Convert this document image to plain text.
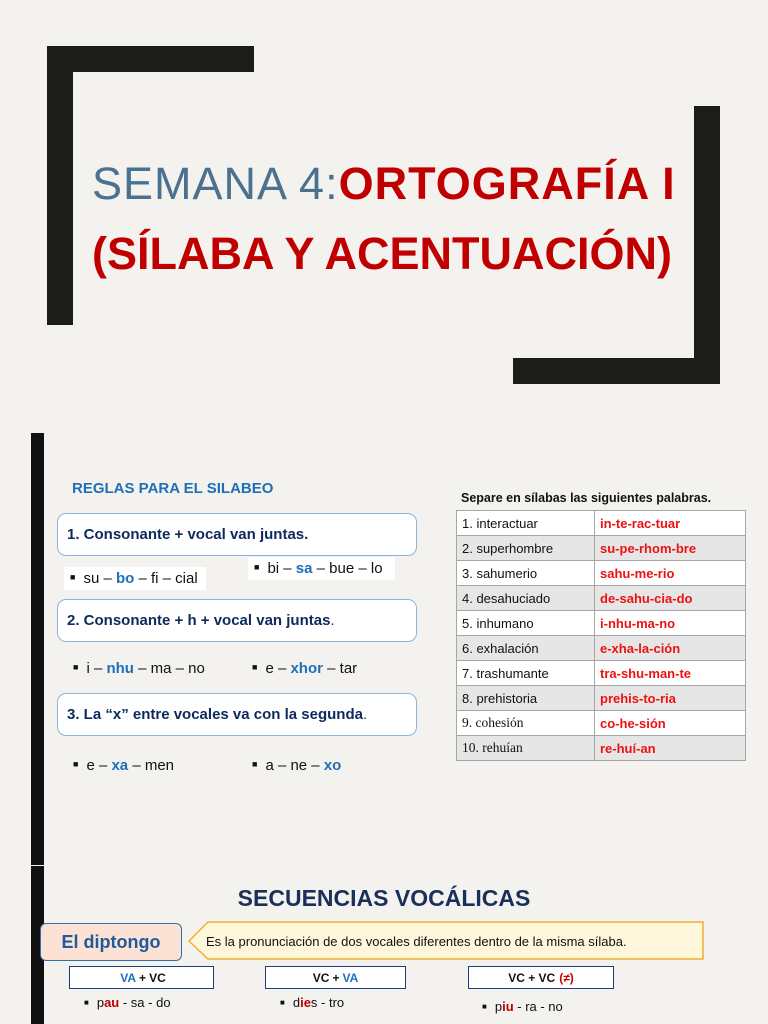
SEMANA 4:ORTOGRAFÍA I
(SÍLABA Y ACENTUACIÓN)
REGLAS PARA EL SILABEO
1. Consonante + vocal van juntas.
■ su – bo – fi – cial
■ bi – sa – bue – lo
2. Consonante + h + vocal van juntas .
■ i – nhu – ma – no	■ e – xhor – tar
3. La “x” entre vocales va con la segunda .
■ e – xa – men	■ a – ne – xo
Separe en sílabas las siguientes palabras.
1. interactuar	in-te-rac-tuar
2. superhombre	su-pe-rhom-bre
3. sahumerio	sahu-me-rio
4. desahuciado	de-sahu-cia-do
5. inhumano	i-nhu-ma-no
6. exhalación	e-xha-la-ción
7. trashumante	tra-shu-man-te
8. prehistoria	prehis-to-ria
9. cohesión	co-he-sión
10. rehuían	re-huí-an
SECUENCIAS VOCÁLICAS
El diptongo	Es la pronunciación de dos vocales diferentes dentro de la misma sílaba.
VA + VC	VC + VA	VC + VC (≠)
■ pau - sa - do	■ dies - tro	■ piu - ra - no
